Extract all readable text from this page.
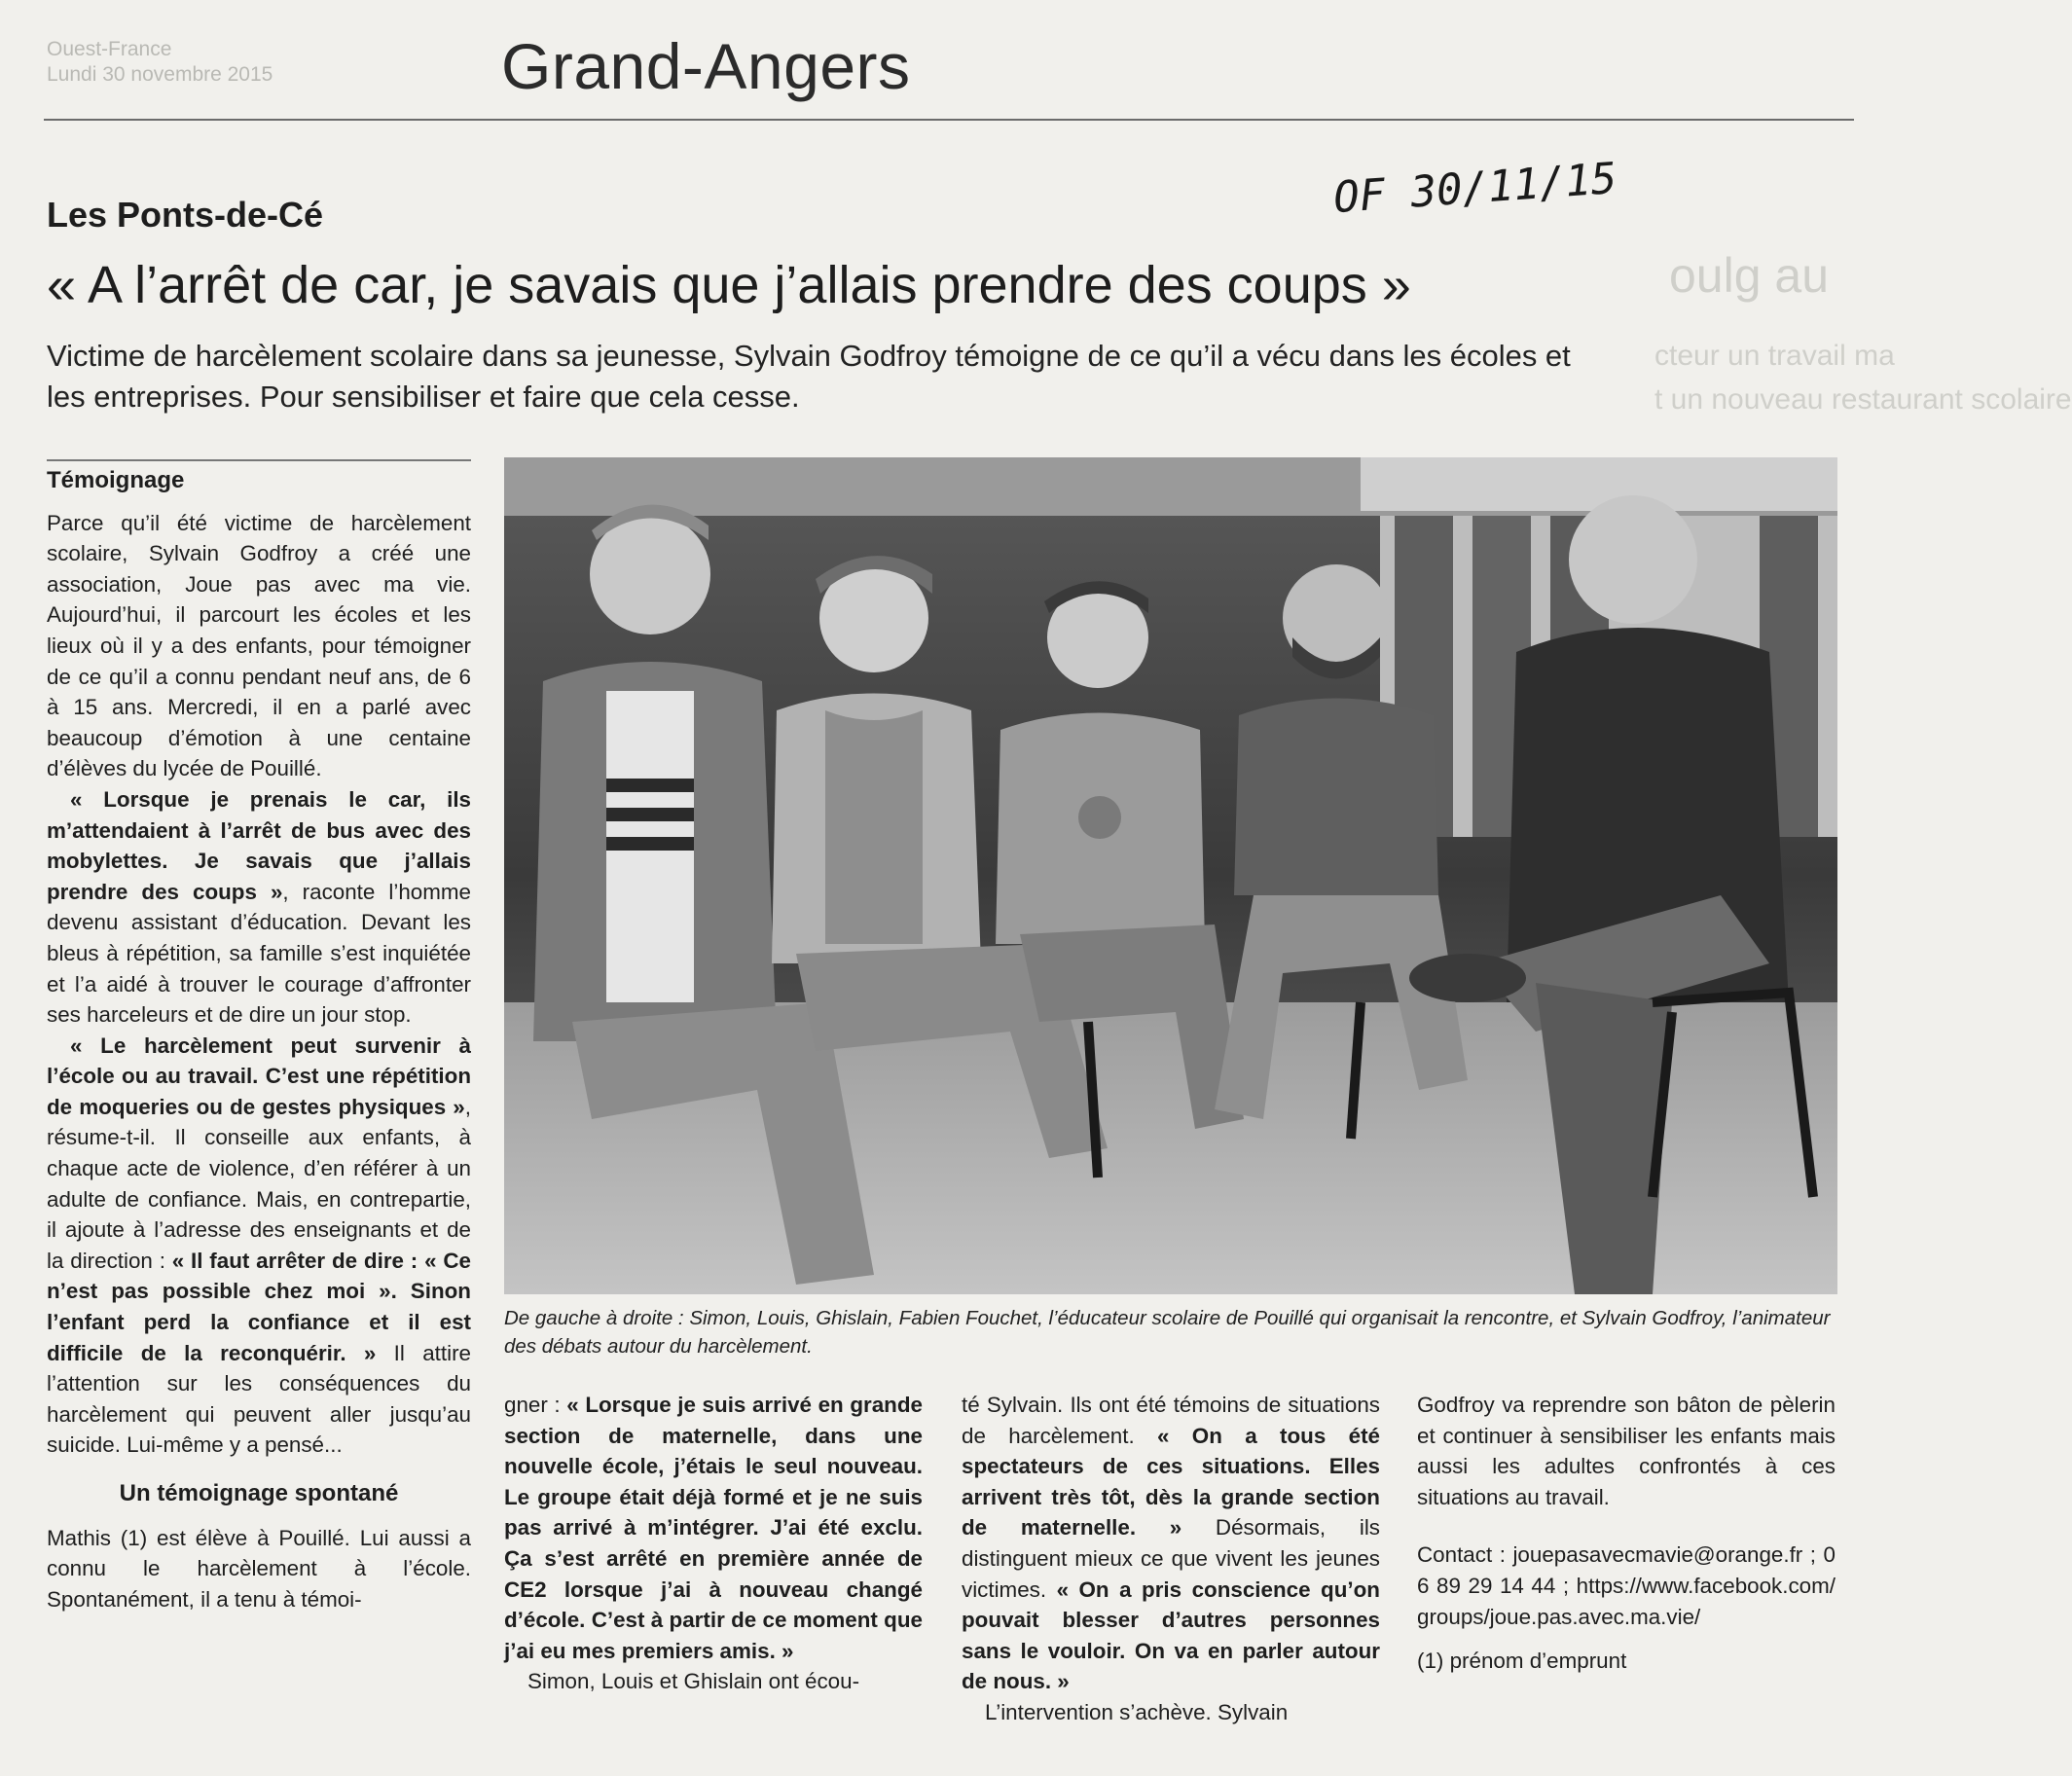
Ouest-France
Lundi 30 novembre 2015	Grand-Angers
OF 30/11/15
oulg au
cteur un travail ma
t un nouveau restaurant scolaire
Les Ponts-de-Cé
« A l’arrêt de car, je savais que j’allais prendre des coups »
Victime de harcèlement scolaire dans sa jeunesse, Sylvain Godfroy témoigne de ce qu’il a vécu dans les écoles et les entreprises. Pour sensibiliser et faire que cela cesse.

Témoignage

Parce qu’il été victime de harcèlement scolaire, Sylvain Godfroy a créé une association, Joue pas avec ma vie. Aujourd’hui, il parcourt les écoles et les lieux où il y a des enfants, pour témoigner de ce qu’il a connu pendant neuf ans, de 6 à 15 ans. Mercredi, il en a parlé avec beaucoup d’émotion à une centaine d’élèves du lycée de Pouillé.

« Lorsque je prenais le car, ils m’attendaient à l’arrêt de bus avec des mobylettes. Je savais que j’allais prendre des coups », raconte l’homme devenu assistant d’éducation. Devant les bleus à répétition, sa famille s’est inquiétée et l’a aidé à trouver le courage d’affronter ses harceleurs et de dire un jour stop.

« Le harcèlement peut survenir à l’école ou au travail. C’est une répétition de moqueries ou de gestes physiques », résume-t-il. Il conseille aux enfants, à chaque acte de violence, d’en référer à un adulte de confiance. Mais, en contrepartie, il ajoute à l’adresse des enseignants et de la direction : « Il faut arrêter de dire : « Ce n’est pas possible chez moi ». Sinon l’enfant perd la confiance et il est difficile de la reconquérir. » Il attire l’attention sur les conséquences du harcèlement qui peuvent aller jusqu’au suicide. Lui-même y a pensé...

Un témoignage spontané

Mathis (1) est élève à Pouillé. Lui aussi a connu le harcèlement à l’école. Spontanément, il a tenu à témoi-

De gauche à droite : Simon, Louis, Ghislain, Fabien Fouchet, l’éducateur scolaire de Pouillé qui organisait la rencontre, et Sylvain Godfroy, l’animateur des débats autour du harcèlement.

gner : « Lorsque je suis arrivé en grande section de maternelle, dans une nouvelle école, j’étais le seul nouveau. Le groupe était déjà formé et je ne suis pas arrivé à m’intégrer. J’ai été exclu. Ça s’est arrêté en première année de CE2 lorsque j’ai à nouveau changé d’école. C’est à partir de ce moment que j’ai eu mes premiers amis. »

Simon, Louis et Ghislain ont écou-

té Sylvain. Ils ont été témoins de situations de harcèlement. « On a tous été spectateurs de ces situations. Elles arrivent très tôt, dès la grande section de maternelle. » Désormais, ils distinguent mieux ce que vivent les jeunes victimes. « On a pris conscience qu’on pouvait blesser d’autres personnes sans le vouloir. On va en parler autour de nous. »

L’intervention s’achève. Sylvain

Godfroy va reprendre son bâton de pèlerin et continuer à sensibiliser les enfants mais aussi les adultes confrontés à ces situations au travail.

Contact : jouepasavecmavie@orange.fr ; 06 89 29 14 44 ; https://www.facebook.com/groups/joue.pas.avec.ma.vie/

(1) prénom d’emprunt
